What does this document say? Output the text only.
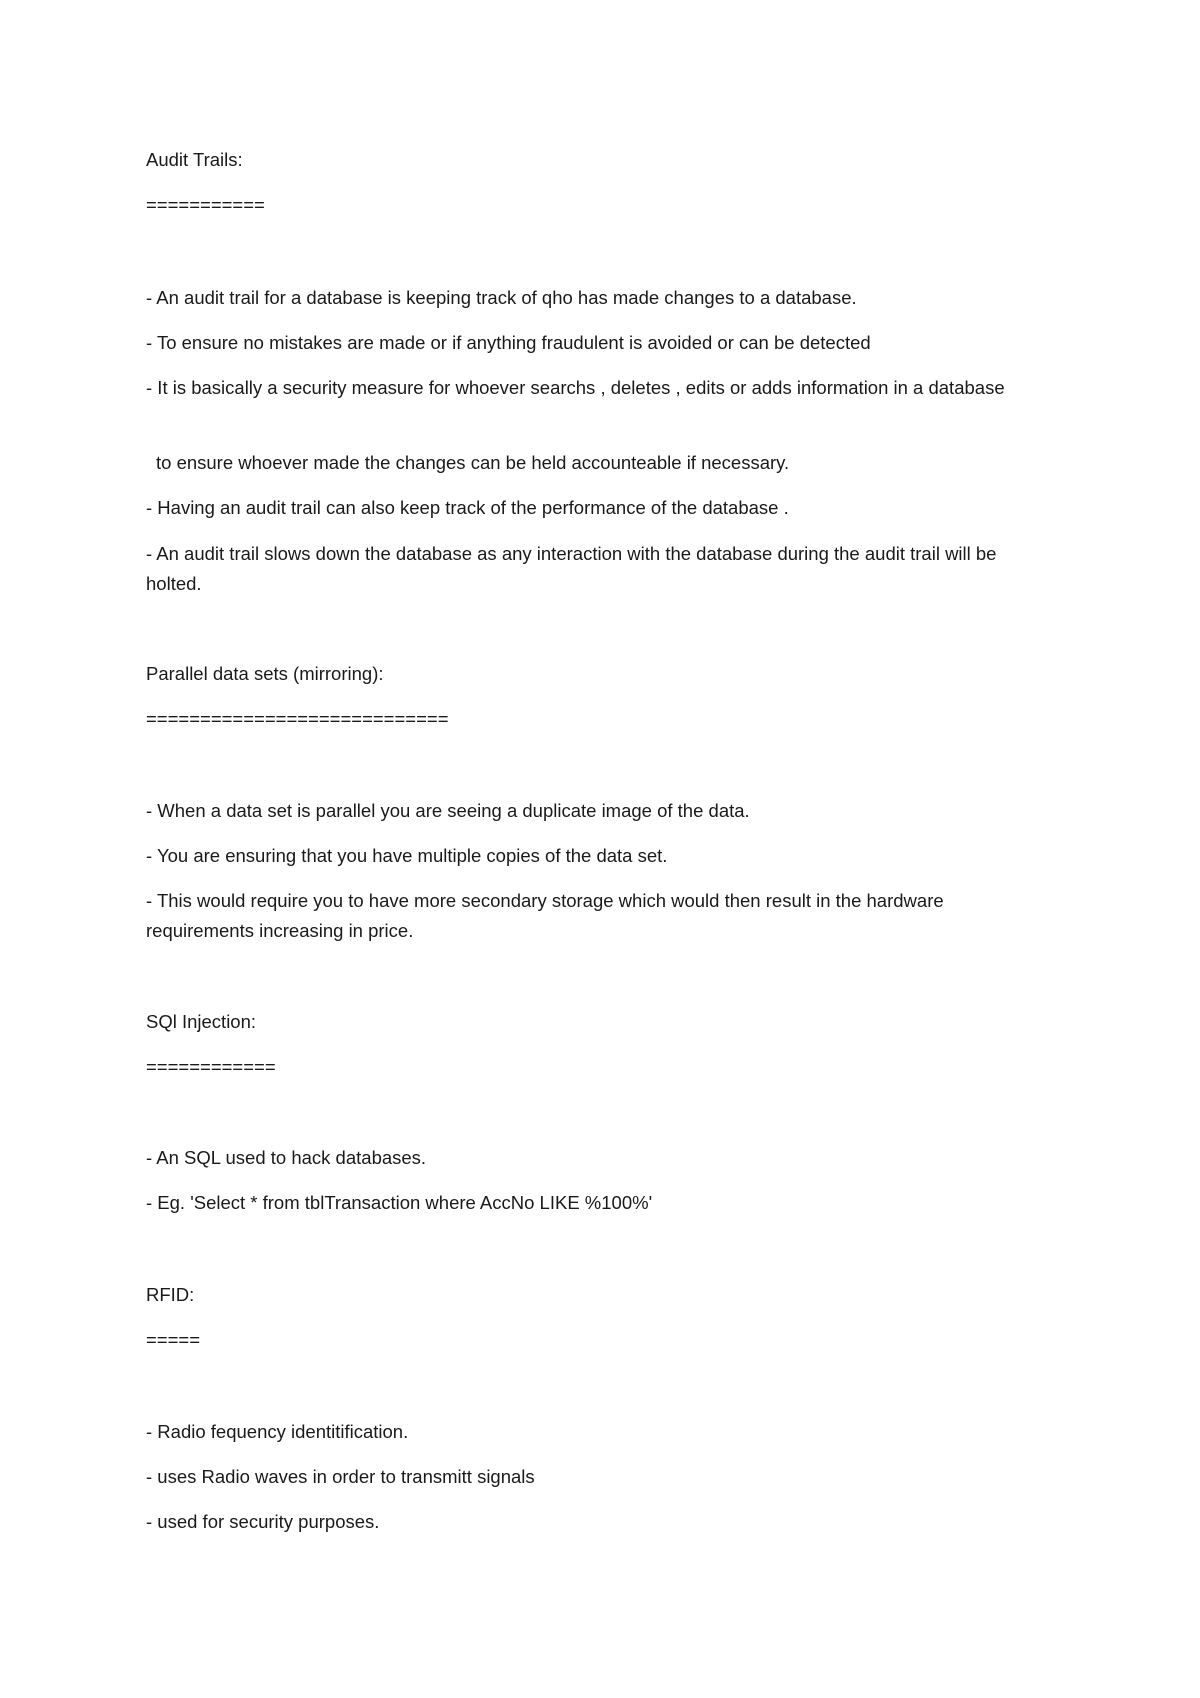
Audit Trails:
===========
- An audit trail for a database is keeping track of qho has made changes to a database.
- To ensure no mistakes are made or if anything fraudulent is avoided or can be detected
- It is basically a security measure for whoever searchs , deletes , edits or adds information in a database
to ensure whoever made the changes can be held accounteable if necessary.
- Having an audit trail can also keep track of the performance of the database .
- An audit trail slows down the database as any interaction with the database during the audit trail will be holted.
Parallel data sets (mirroring):
============================
- When a data set is parallel you are seeing a duplicate image of the data.
- You are ensuring that you have multiple copies of the data set.
- This would require you to have more secondary storage which would then result in the hardware requirements increasing in price.
SQl Injection:
============
- An SQL used to hack databases.
- Eg. 'Select * from tblTransaction where AccNo LIKE %100%'
RFID:
=====
- Radio fequency identitification.
- uses Radio waves in order to transmitt signals
- used for security purposes.
